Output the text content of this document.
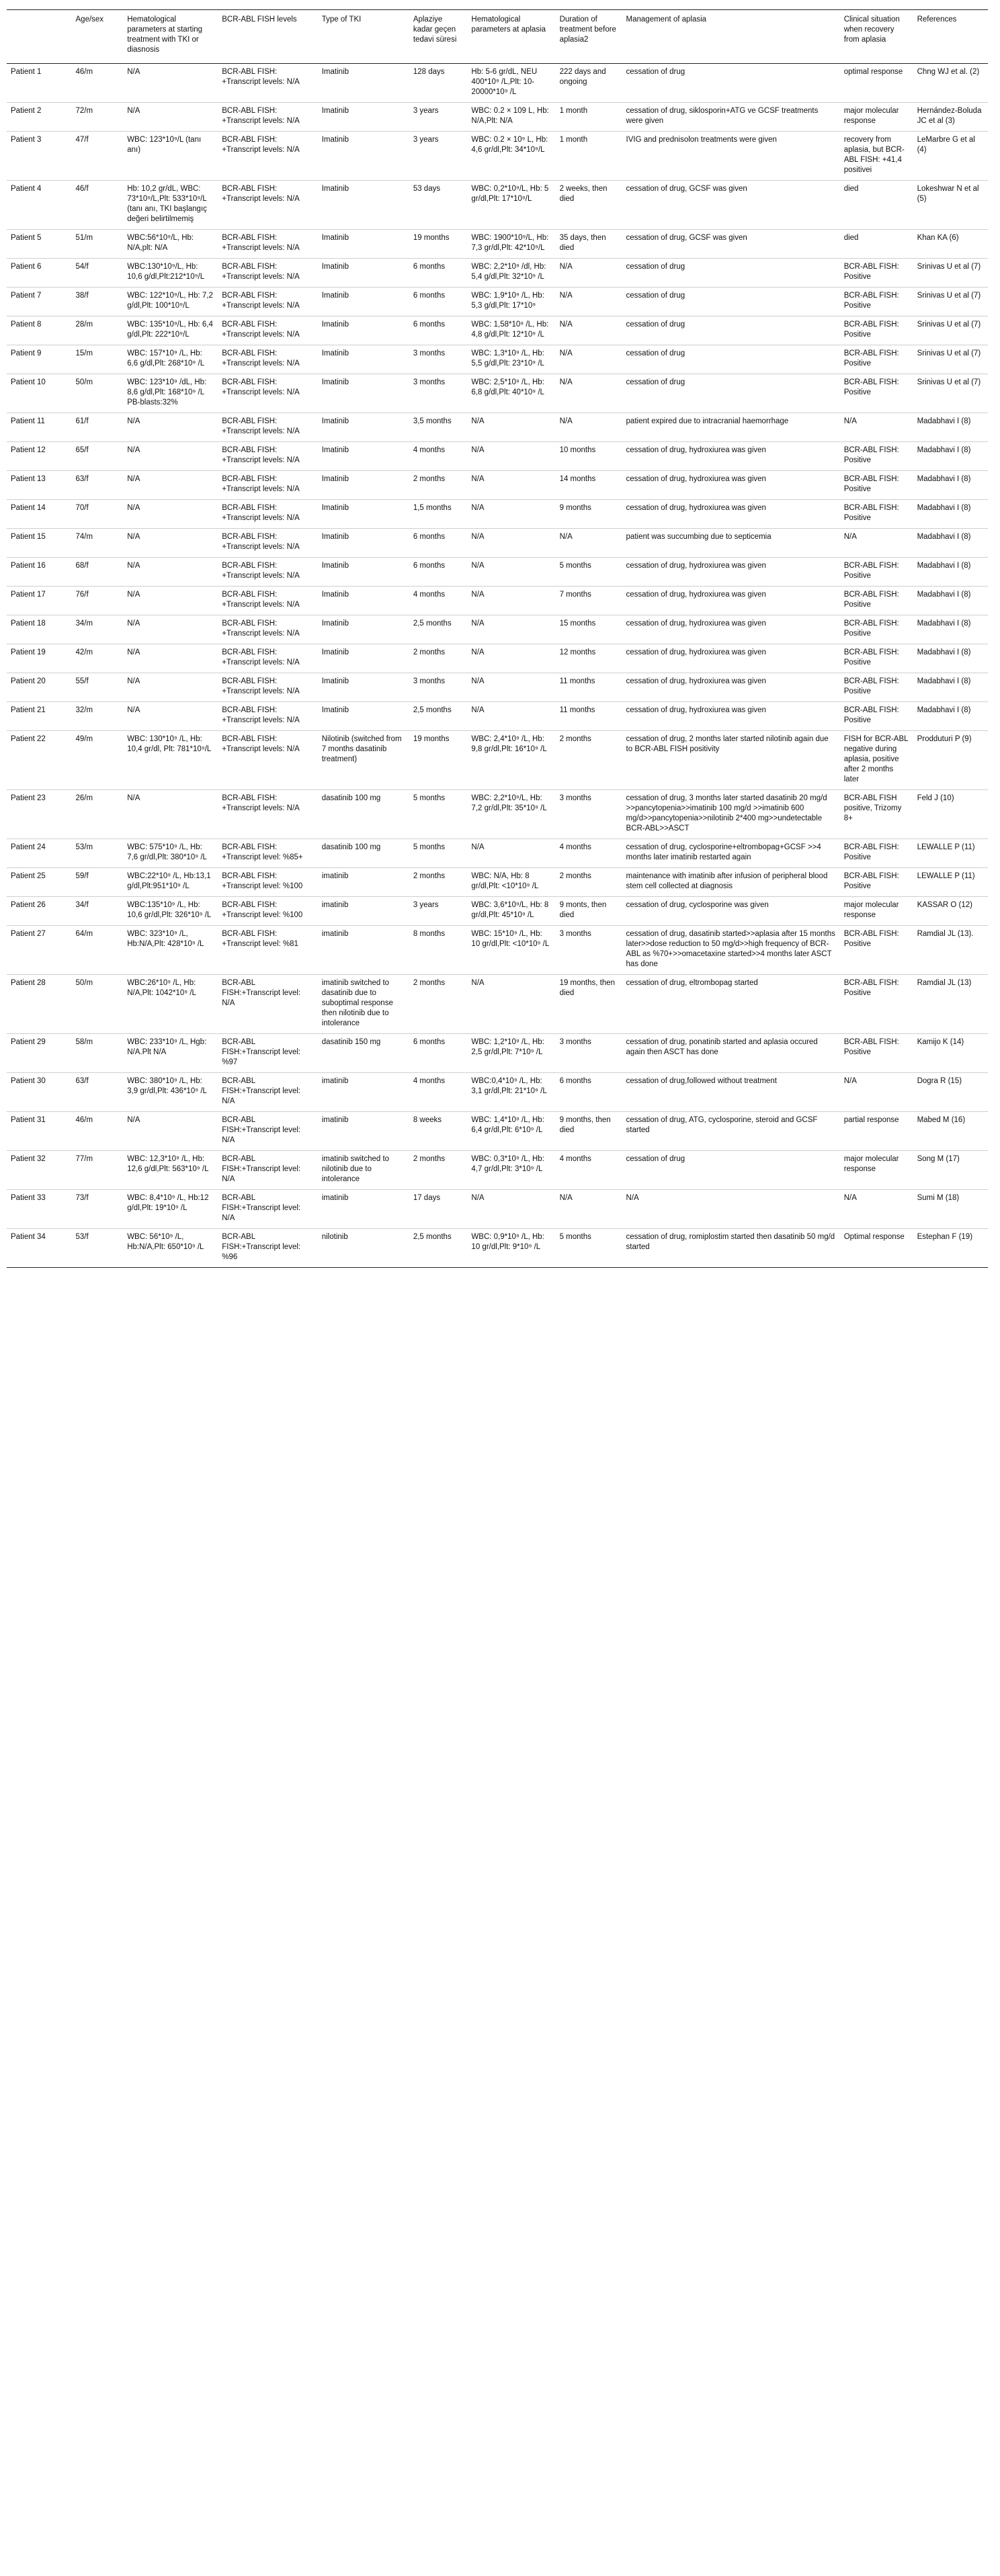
	Age/sex	Hematological parameters at starting treatment with TKI or diasnosis	BCR-ABL FISH levels	Type of TKI	Aplaziye kadar geçen tedavi süresi	Hematological parameters at aplasia	Duration of treatment before aplasia2	Management of aplasia	Clinical situation when recovery from aplasia	References
Patient 1	46/m	N/A	BCR-ABL FISH: +Transcript levels: N/A	Imatinib	128 days	Hb: 5-6 gr/dL, NEU 400*10⁹ /L,Plt: 10-20000*10⁹ /L	222 days and ongoing	cessation of drug	optimal response	Chng WJ et al. (2)
Patient 2	72/m	N/A	BCR-ABL FISH: +Transcript levels: N/A	Imatinib	3 years	WBC: 0.2 × 109 L, Hb: N/A,Plt: N/A	1 month	cessation of drug, siklosporin+ATG ve GCSF treatments were given	major molecular response	Hernández-Boluda JC et al (3)
Patient 3	47/f	WBC: 123*10⁹/L (tanı anı)	BCR-ABL FISH: +Transcript levels: N/A	Imatinib	3 years	WBC: 0.2 × 10⁹ L, Hb: 4,6 gr/dl,Plt: 34*10⁹/L	1 month	IVIG and prednisolon treatments were given	recovery from aplasia, but BCR-ABL FISH: +41,4 positivei	LeMarbre G et al (4)
Patient 4	46/f	Hb: 10,2 gr/dL, WBC: 73*10⁹/L,Plt: 533*10⁹/L (tanı anı, TKI başlangıç değeri belirtilmemiş	BCR-ABL FISH: +Transcript levels: N/A	Imatinib	53 days	WBC: 0,2*10⁹/L, Hb: 5 gr/dl,Plt: 17*10⁹/L	2 weeks, then died	cessation of drug, GCSF was given	died	Lokeshwar N et al (5)
Patient 5	51/m	WBC:56*10⁹/L, Hb: N/A,plt: N/A	BCR-ABL FISH: +Transcript levels: N/A	Imatinib	19 months	WBC: 1900*10⁹/L, Hb: 7,3 gr/dl,Plt: 42*10⁹/L	35 days, then died	cessation of drug, GCSF was given	died	Khan KA (6)
Patient 6	54/f	WBC:130*10⁹/L, Hb: 10,6 g/dl,Plt:212*10⁹/L	BCR-ABL FISH: +Transcript levels: N/A	Imatinib	6 months	WBC: 2,2*10⁹ /dl, Hb: 5,4 g/dl,Plt: 32*10⁹ /L	N/A	cessation of drug	BCR-ABL FISH: Positive	Srinivas U et al (7)
Patient 7	38/f	WBC: 122*10⁹/L, Hb: 7,2 g/dl,Plt: 100*10⁹/L	BCR-ABL FISH: +Transcript levels: N/A	Imatinib	6 months	WBC: 1,9*10⁹ /L, Hb: 5,3 g/dl,Plt: 17*10⁹	N/A	cessation of drug	BCR-ABL FISH: Positive	Srinivas U et al (7)
Patient 8	28/m	WBC: 135*10⁹/L, Hb: 6,4 g/dl,Plt: 222*10⁹/L	BCR-ABL FISH: +Transcript levels: N/A	Imatinib	6 months	WBC: 1,58*10⁹ /L, Hb: 4,8 g/dl,Plt: 12*10⁹ /L	N/A	cessation of drug	BCR-ABL FISH: Positive	Srinivas U et al (7)
Patient 9	15/m	WBC: 157*10⁹ /L, Hb: 6,6 g/dl,Plt: 268*10⁹ /L	BCR-ABL FISH: +Transcript levels: N/A	Imatinib	3 months	WBC: 1,3*10⁹ /L, Hb: 5,5 g/dl,Plt: 23*10⁹ /L	N/A	cessation of drug	BCR-ABL FISH: Positive	Srinivas U et al (7)
Patient 10	50/m	WBC: 123*10⁹ /dL, Hb: 8,6 g/dl,Plt: 168*10⁹ /L PB-blasts:32%	BCR-ABL FISH: +Transcript levels: N/A	Imatinib	3 months	WBC: 2,5*10⁹ /L, Hb: 6,8 g/dl,Plt: 40*10⁹ /L	N/A	cessation of drug	BCR-ABL FISH: Positive	Srinivas U et al (7)
Patient 11	61/f	N/A	BCR-ABL FISH: +Transcript levels: N/A	Imatinib	3,5 months	N/A	N/A	patient expired due to intracranial haemorrhage	N/A	Madabhavi I (8)
Patient 12	65/f	N/A	BCR-ABL FISH: +Transcript levels: N/A	Imatinib	4 months	N/A	10 months	cessation of drug, hydroxiurea was given	BCR-ABL FISH: Positive	Madabhavi I (8)
Patient 13	63/f	N/A	BCR-ABL FISH: +Transcript levels: N/A	Imatinib	2 months	N/A	14 months	cessation of drug, hydroxiurea was given	BCR-ABL FISH: Positive	Madabhavi I (8)
Patient 14	70/f	N/A	BCR-ABL FISH: +Transcript levels: N/A	Imatinib	1,5 months	N/A	9 months	cessation of drug, hydroxiurea was given	BCR-ABL FISH: Positive	Madabhavi I (8)
Patient 15	74/m	N/A	BCR-ABL FISH: +Transcript levels: N/A	Imatinib	6 months	N/A	N/A	patient was succumbing due to septicemia	N/A	Madabhavi I (8)
Patient 16	68/f	N/A	BCR-ABL FISH: +Transcript levels: N/A	Imatinib	6 months	N/A	5 months	cessation of drug, hydroxiurea was given	BCR-ABL FISH: Positive	Madabhavi I (8)
Patient 17	76/f	N/A	BCR-ABL FISH: +Transcript levels: N/A	Imatinib	4 months	N/A	7 months	cessation of drug, hydroxiurea was given	BCR-ABL FISH: Positive	Madabhavi I (8)
Patient 18	34/m	N/A	BCR-ABL FISH: +Transcript levels: N/A	Imatinib	2,5 months	N/A	15 months	cessation of drug, hydroxiurea was given	BCR-ABL FISH: Positive	Madabhavi I (8)
Patient 19	42/m	N/A	BCR-ABL FISH: +Transcript levels: N/A	Imatinib	2 months	N/A	12 months	cessation of drug, hydroxiurea was given	BCR-ABL FISH: Positive	Madabhavi I (8)
Patient 20	55/f	N/A	BCR-ABL FISH: +Transcript levels: N/A	Imatinib	3 months	N/A	11 months	cessation of drug, hydroxiurea was given	BCR-ABL FISH: Positive	Madabhavi I (8)
Patient 21	32/m	N/A	BCR-ABL FISH: +Transcript levels: N/A	Imatinib	2,5 months	N/A	11 months	cessation of drug, hydroxiurea was given	BCR-ABL FISH: Positive	Madabhavi I (8)
Patient 22	49/m	WBC: 130*10⁹ /L, Hb: 10,4 gr/dl, Plt: 781*10⁹/L	BCR-ABL FISH: +Transcript levels: N/A	Nilotinib (switched from 7 months dasatinib treatment)	19 months	WBC: 2,4*10⁹ /L, Hb: 9,8 gr/dl,Plt: 16*10⁹ /L	2 months	cessation of drug, 2 months later started nilotinib again due to BCR-ABL FISH positivity	FISH for BCR-ABL negative during aplasia, positive after 2 months later	Prodduturi P (9)
Patient 23	26/m	N/A	BCR-ABL FISH: +Transcript levels: N/A	dasatinib 100 mg	5 months	WBC: 2,2*10⁹/L, Hb: 7,2 gr/dl,Plt: 35*10⁹ /L	3 months	cessation of drug, 3 months later started dasatinib 20 mg/d >>pancytopenia>>imatinib 100 mg/d >>imatinib 600 mg/d>>pancytopenia>>nilotinib 2*400 mg>>undetectable BCR-ABL>>ASCT	BCR-ABL FISH positive, Trizomy 8+	Feld J (10)
Patient 24	53/m	WBC: 575*10⁹ /L, Hb: 7,6 gr/dl,Plt: 380*10⁹ /L	BCR-ABL FISH: +Transcript level: %85+	dasatinib 100 mg	5 months	N/A	4 months	cessation of drug, cyclosporine+eltrombopag+GCSF >>4 months later imatinib restarted again	BCR-ABL FISH: Positive	LEWALLE P (11)
Patient 25	59/f	WBC:22*10⁹ /L, Hb:13,1 g/dl,Plt:951*10⁹ /L	BCR-ABL FISH: +Transcript level: %100	imatinib	2 months	WBC: N/A, Hb: 8 gr/dl,Plt: <10*10⁹ /L	2 months	maintenance with imatinib after infusion of peripheral blood stem cell collected at diagnosis	BCR-ABL FISH: Positive	LEWALLE P (11)
Patient 26	34/f	WBC:135*10⁹ /L, Hb: 10,6 gr/dl,Plt: 326*10⁹ /L	BCR-ABL FISH: +Transcript level: %100	imatinib	3 years	WBC: 3,6*10⁹/L, Hb: 8 gr/dl,Plt: 45*10⁹ /L	9 monts, then died	cessation of drug, cyclosporine was given	major molecular response	KASSAR O (12)
Patient 27	64/m	WBC: 323*10⁹ /L, Hb:N/A,Plt: 428*10⁹ /L	BCR-ABL FISH: +Transcript level: %81	imatinib	8 months	WBC: 15*10⁹ /L, Hb: 10 gr/dl,Plt: <10*10⁹ /L	3 months	cessation of drug, dasatinib started>>aplasia after 15 months later>>dose reduction to 50 mg/d>>high frequency of BCR-ABL as %70+>>omacetaxine started>>4 months later ASCT has done	BCR-ABL FISH: Positive	Ramdial JL (13).
Patient 28	50/m	WBC:26*10⁹ /L, Hb: N/A,Plt: 1042*10⁹ /L	BCR-ABL FISH:+Transcript level: N/A	imatinib switched to dasatinib due to suboptimal response then nilotinib due to intolerance	2 months	N/A	19 months, then died	cessation of drug, eltrombopag started	BCR-ABL FISH: Positive	Ramdial JL (13)
Patient 29	58/m	WBC: 233*10⁹ /L, Hgb: N/A.Plt N/A	BCR-ABL FISH:+Transcript level: %97	dasatinib 150 mg	6 months	WBC: 1,2*10⁹ /L, Hb: 2,5 gr/dl,Plt: 7*10⁹ /L	3 months	cessation of drug, ponatinib started and aplasia occured again then ASCT has done	BCR-ABL FISH: Positive	Kamijo K (14)
Patient 30	63/f	WBC: 380*10⁹ /L, Hb: 3,9 gr/dl,Plt: 436*10⁹ /L	BCR-ABL FISH:+Transcript level: N/A	imatinib	4 months	WBC:0,4*10⁹ /L, Hb: 3,1 gr/dl,Plt: 21*10⁹ /L	6 months	cessation of drug,followed without treatment	N/A	Dogra R (15)
Patient 31	46/m	N/A	BCR-ABL FISH:+Transcript level: N/A	imatinib	8 weeks	WBC: 1,4*10⁹ /L, Hb: 6,4 gr/dl,Plt: 6*10⁹ /L	9 months, then died	cessation of drug, ATG, cyclosporine, steroid and GCSF started	partial response	Mabed M (16)
Patient 32	77/m	WBC: 12,3*10⁹ /L, Hb: 12,6 g/dl,Plt: 563*10⁹ /L	BCR-ABL FISH:+Transcript level: N/A	imatinib switched to nilotinib due to intolerance	2 months	WBC: 0,3*10⁹ /L, Hb: 4,7 gr/dl,Plt: 3*10⁹ /L	4 months	cessation of drug	major molecular response	Song M (17)
Patient 33	73/f	WBC: 8,4*10⁹ /L, Hb:12 g/dl,Plt: 19*10⁹ /L	BCR-ABL FISH:+Transcript level: N/A	imatinib	17 days	N/A	N/A	N/A	N/A	Sumi M (18)
Patient 34	53/f	WBC: 56*10⁹ /L, Hb:N/A,Plt: 650*10⁹ /L	BCR-ABL FISH:+Transcript level: %96	nilotinib	2,5 months	WBC: 0,9*10⁹ /L, Hb: 10 gr/dl,Plt: 9*10⁹ /L	5 months	cessation of drug, romiplostim started then dasatinib 50 mg/d started	Optimal response	Estephan F (19)
